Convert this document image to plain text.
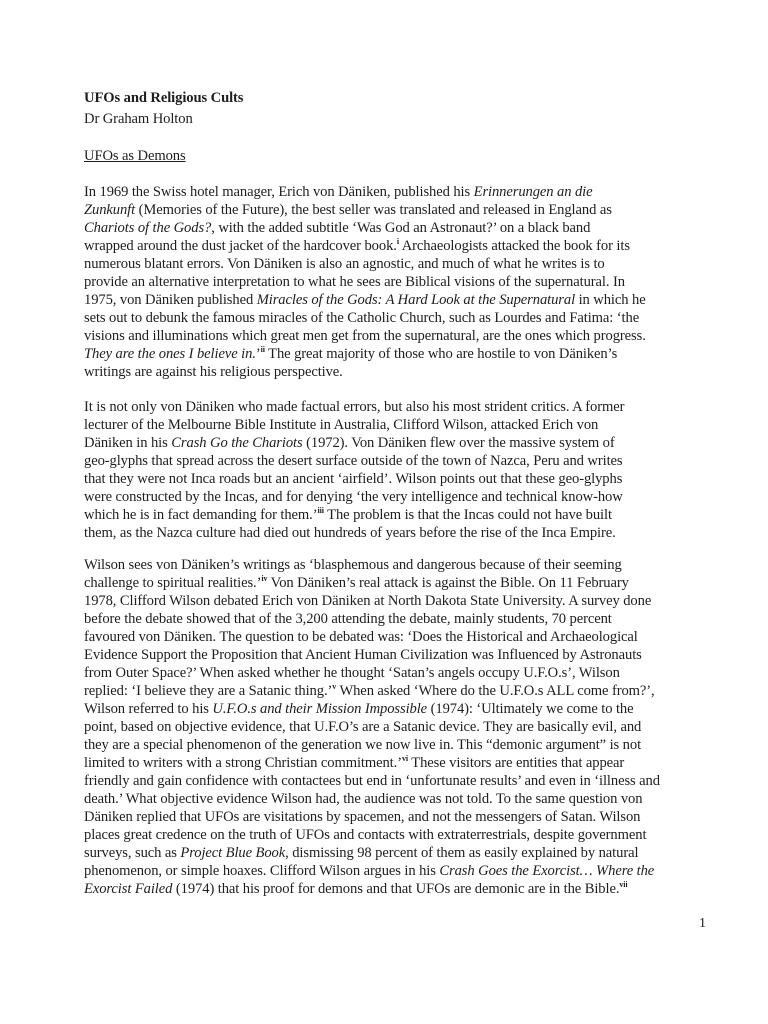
UFOs and Religious Cults
Dr Graham Holton
UFOs as Demons
In 1969 the Swiss hotel manager, Erich von Däniken, published his Erinnerungen an die
Zunkunft (Memories of the Future), the best seller was translated and released in England as
Chariots of the Gods?, with the added subtitle ‘Was God an Astronaut?’ on a black band
wrapped around the dust jacket of the hardcover book.$^i$ Archaeologists attacked the book for its
numerous blatant errors. Von Däniken is also an agnostic, and much of what he writes is to
provide an alternative interpretation to what he sees are Biblical visions of the supernatural. In
1975, von Däniken published Miracles of the Gods: A Hard Look at the Supernatural in which he
sets out to debunk the famous miracles of the Catholic Church, such as Lourdes and Fatima: ‘the
visions and illuminations which great men get from the supernatural, are the ones which progress.
They are the ones I believe in.’$^{ii}$ The great majority of those who are hostile to von Däniken’s
writings are against his religious perspective.
It is not only von Däniken who made factual errors, but also his most strident critics. A former
lecturer of the Melbourne Bible Institute in Australia, Clifford Wilson, attacked Erich von
Däniken in his Crash Go the Chariots (1972). Von Däniken flew over the massive system of
geo-glyphs that spread across the desert surface outside of the town of Nazca, Peru and writes
that they were not Inca roads but an ancient ‘airfield’. Wilson points out that these geo-glyphs
were constructed by the Incas, and for denying ‘the very intelligence and technical know-how
which he is in fact demanding for them.’$^{iii}$ The problem is that the Incas could not have built
them, as the Nazca culture had died out hundreds of years before the rise of the Inca Empire.
Wilson sees von Däniken’s writings as ‘blasphemous and dangerous because of their seeming
challenge to spiritual realities.’$^{iv}$ Von Däniken’s real attack is against the Bible. On 11 February
1978, Clifford Wilson debated Erich von Däniken at North Dakota State University. A survey done
before the debate showed that of the 3,200 attending the debate, mainly students, 70 percent
favoured von Däniken. The question to be debated was: ‘Does the Historical and Archaeological
Evidence Support the Proposition that Ancient Human Civilization was Influenced by Astronauts
from Outer Space?’ When asked whether he thought ‘Satan’s angels occupy U.F.O.s’, Wilson
replied: ‘I believe they are a Satanic thing.’$^v$ When asked ‘Where do the U.F.O.s ALL come from?’,
Wilson referred to his U.F.O.s and their Mission Impossible (1974): ‘Ultimately we come to the
point, based on objective evidence, that U.F.O’s are a Satanic device. They are basically evil, and
they are a special phenomenon of the generation we now live in. This “demonic argument” is not
limited to writers with a strong Christian commitment.’$^{vi}$ These visitors are entities that appear
friendly and gain confidence with contactees but end in ‘unfortunate results’ and even in ‘illness and
death.’ What objective evidence Wilson had, the audience was not told. To the same question von
Däniken replied that UFOs are visitations by spacemen, and not the messengers of Satan. Wilson
places great credence on the truth of UFOs and contacts with extraterrestrials, despite government
surveys, such as Project Blue Book, dismissing 98 percent of them as easily explained by natural
phenomenon, or simple hoaxes. Clifford Wilson argues in his Crash Goes the Exorcist… Where the
Exorcist Failed (1974) that his proof for demons and that UFOs are demonic are in the Bible.$^{vii}$
1
